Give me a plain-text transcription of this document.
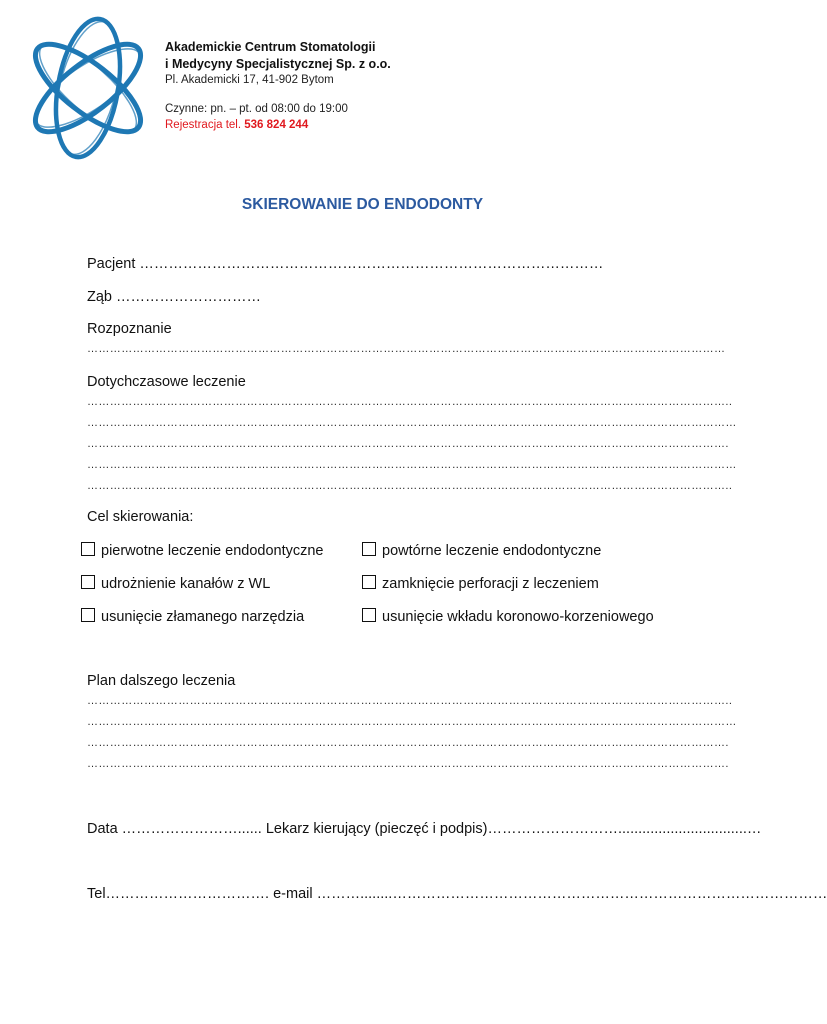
Akademickie Centrum Stomatologii
i Medycyny Specjalistycznej Sp. z o.o.
Pl. Akademicki 17, 41-902 Bytom
Czynne: pn. – pt. od 08:00 do 19:00
Rejestracja tel. 536 824 244
SKIEROWANIE DO ENDODONTY
Pacjent ……………………………………………………………………………………
Ząb …………………………
Rozpoznanie
……………………………………………………………………………………………………………………………………………………
Dotychczasowe leczenie
……………………………………………………………………………………………………………………………………………………..
………………………………………………………………………………………………………………………………………………………
…………………………………………………………………………………………………………………………………………………….
………………………………………………………………………………………………………………………………………………………
……………………………………………………………………………………………………………………………………………………..
Cel skierowania:
pierwotne leczenie endodontyczne
udrożnienie kanałów z WL
usunięcie złamanego narzędzia
powtórne leczenie endodontyczne
zamknięcie perforacji z leczeniem
usunięcie wkładu koronowo-korzeniowego
Plan dalszego leczenia
……………………………………………………………………………………………………………………………………………………..
………………………………………………………………………………………………………………………………………………………
…………………………………………………………………………………………………………………………………………………….
…………………………………………………………………………………………………………………………………………………….
Data ……………………...... Lekarz kierujący (pieczęć i podpis)………………………................................…
Tel……………………………. e-mail ………........………………………………………………………………………………
